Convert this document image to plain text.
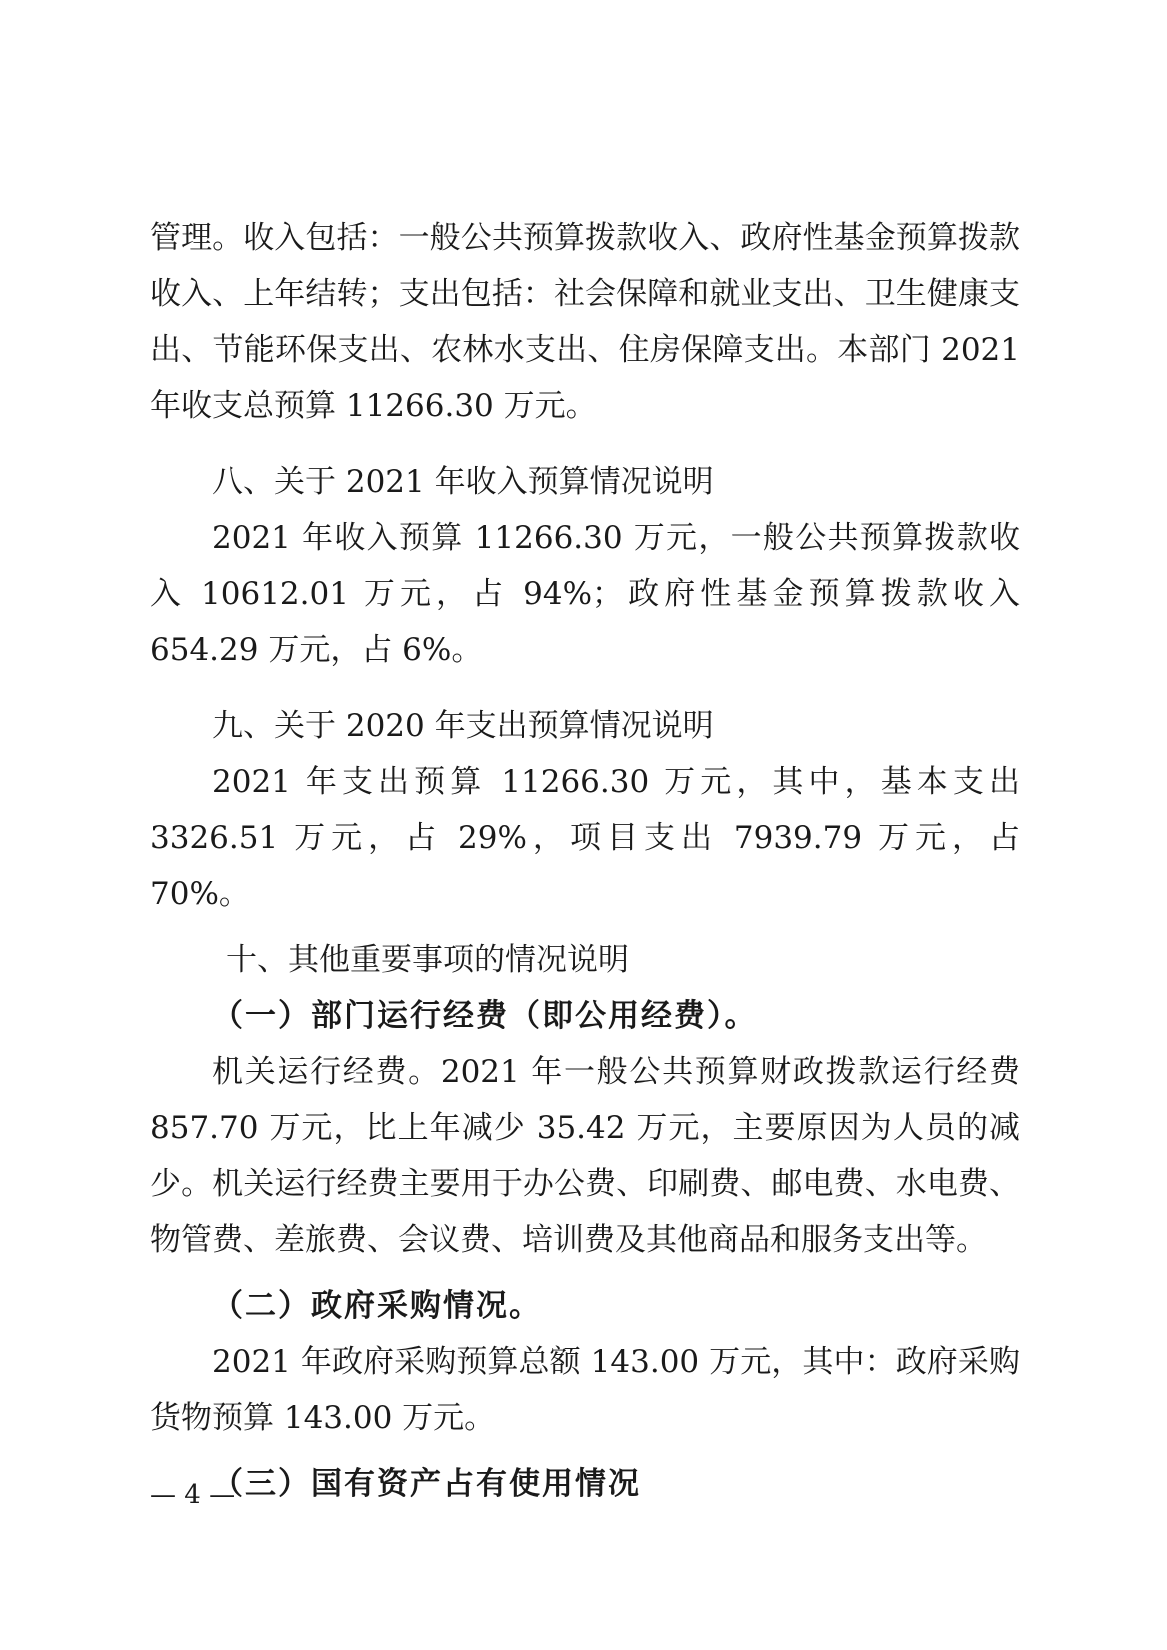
管理。收入包括：一般公共预算拨款收入、政府性基金预算拨款收入、上年结转；支出包括：社会保障和就业支出、卫生健康支出、节能环保支出、农林水支出、住房保障支出。本部门 2021 年收支总预算 11266.30 万元。

八、关于 2021 年收入预算情况说明

2021 年收入预算 11266.30 万元，一般公共预算拨款收入 10612.01 万元，占 94%；政府性基金预算拨款收入 654.29 万元，占 6%。

九、关于 2020 年支出预算情况说明

2021 年支出预算 11266.30 万元，其中，基本支出 3326.51 万元，占 29%，项目支出 7939.79 万元，占 70%。

十、其他重要事项的情况说明

（一）部门运行经费（即公用经费）。

机关运行经费。2021 年一般公共预算财政拨款运行经费 857.70 万元，比上年减少 35.42 万元，主要原因为人员的减少。机关运行经费主要用于办公费、印刷费、邮电费、水电费、物管费、差旅费、会议费、培训费及其他商品和服务支出等。

（二）政府采购情况。

2021 年政府采购预算总额 143.00 万元，其中：政府采购货物预算 143.00 万元。

（三）国有资产占有使用情况

— 4 —
